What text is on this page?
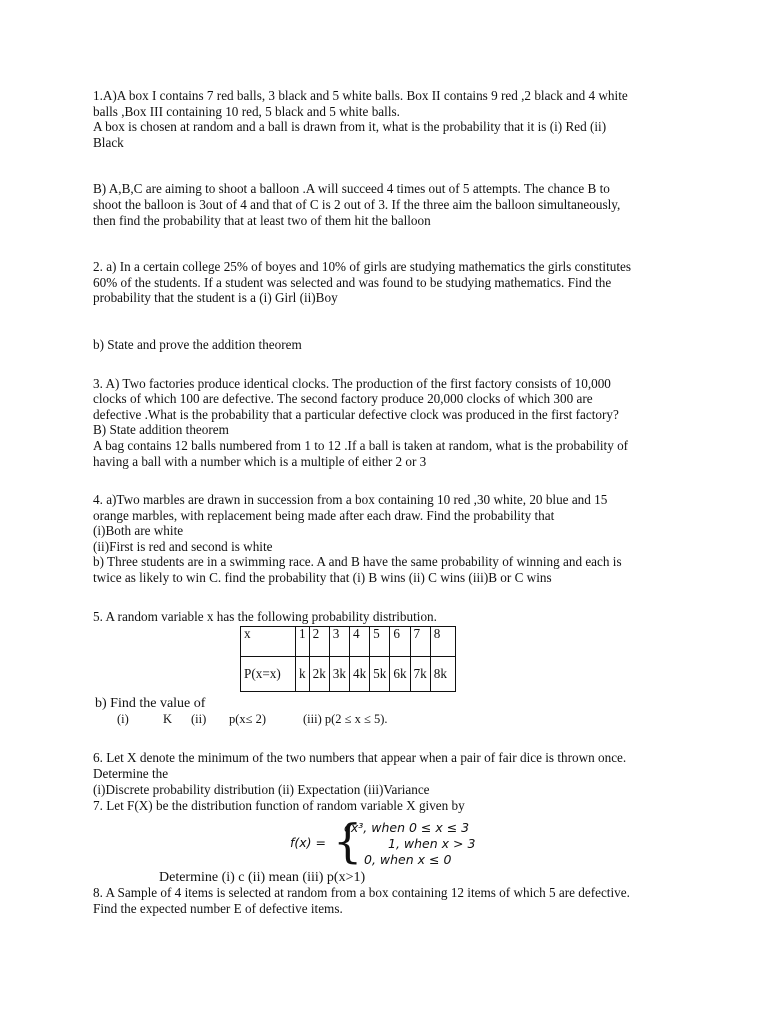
1.A)A box I contains 7 red balls, 3 black and 5 white balls. Box II contains 9 red ,2 black and 4 white

balls ,Box III containing 10 red, 5 black and 5 white balls.

A box is chosen at random and a ball is drawn from it, what is the probability that it is (i) Red (ii)

Black

B) A,B,C are aiming to shoot a balloon .A will succeed 4 times out of 5 attempts. The chance B to

shoot the balloon is 3out of 4 and that of C is 2 out of 3. If the three aim the balloon simultaneously,

then find the probability that at least two of them hit the balloon

2. a) In a certain college 25% of boyes and 10% of girls are studying mathematics the girls constitutes

60% of the students. If a student was selected and was found to be studying mathematics. Find the

probability that the student is a (i) Girl (ii)Boy

b) State and prove the addition theorem

3. A) Two factories produce identical clocks. The production of the first factory consists of 10,000

clocks of which 100 are defective. The second factory produce 20,000 clocks of which 300 are

defective .What is the probability that a particular defective clock was produced in the first factory?

B) State addition theorem

A bag contains 12 balls numbered from 1 to 12 .If a ball is taken at random, what is the probability of

having a ball with a number which is a multiple of either 2 or 3

4. a)Two marbles are drawn in succession from a box containing 10 red ,30 white, 20 blue and 15

orange marbles, with replacement being made after each draw. Find the probability that

(i)Both are white

(ii)First is red and second is white

b) Three students are in a swimming race. A and B have the same probability of winning and each is

twice as likely to win C. find the probability that (i) B wins (ii) C wins (iii)B or C wins

5. A random variable x has the following probability distribution.

x	1	2	3	4	5	6	7	8
P(x=x)	k	2k	3k	4k	5k	6k	7k	8k

b) Find the value of

(i)	K (ii) p(x≤ 2)	(iii) p(2 ≤ x ≤ 5).

6. Let X denote the minimum of the two numbers that appear when a pair of fair dice is thrown once.

Determine the

(i)Discrete probability distribution (ii) Expectation (iii)Variance

7. Let F(X) be the distribution function of random variable X given by

f(x) = {
cx³, when 0 ≤ x ≤ 3
1, when x > 3
0, when x ≤ 0

Determine (i) c (ii) mean (iii) p(x>1)

8. A Sample of 4 items is selected at random from a box containing 12 items of which 5 are defective.

Find the expected number E of defective items.
